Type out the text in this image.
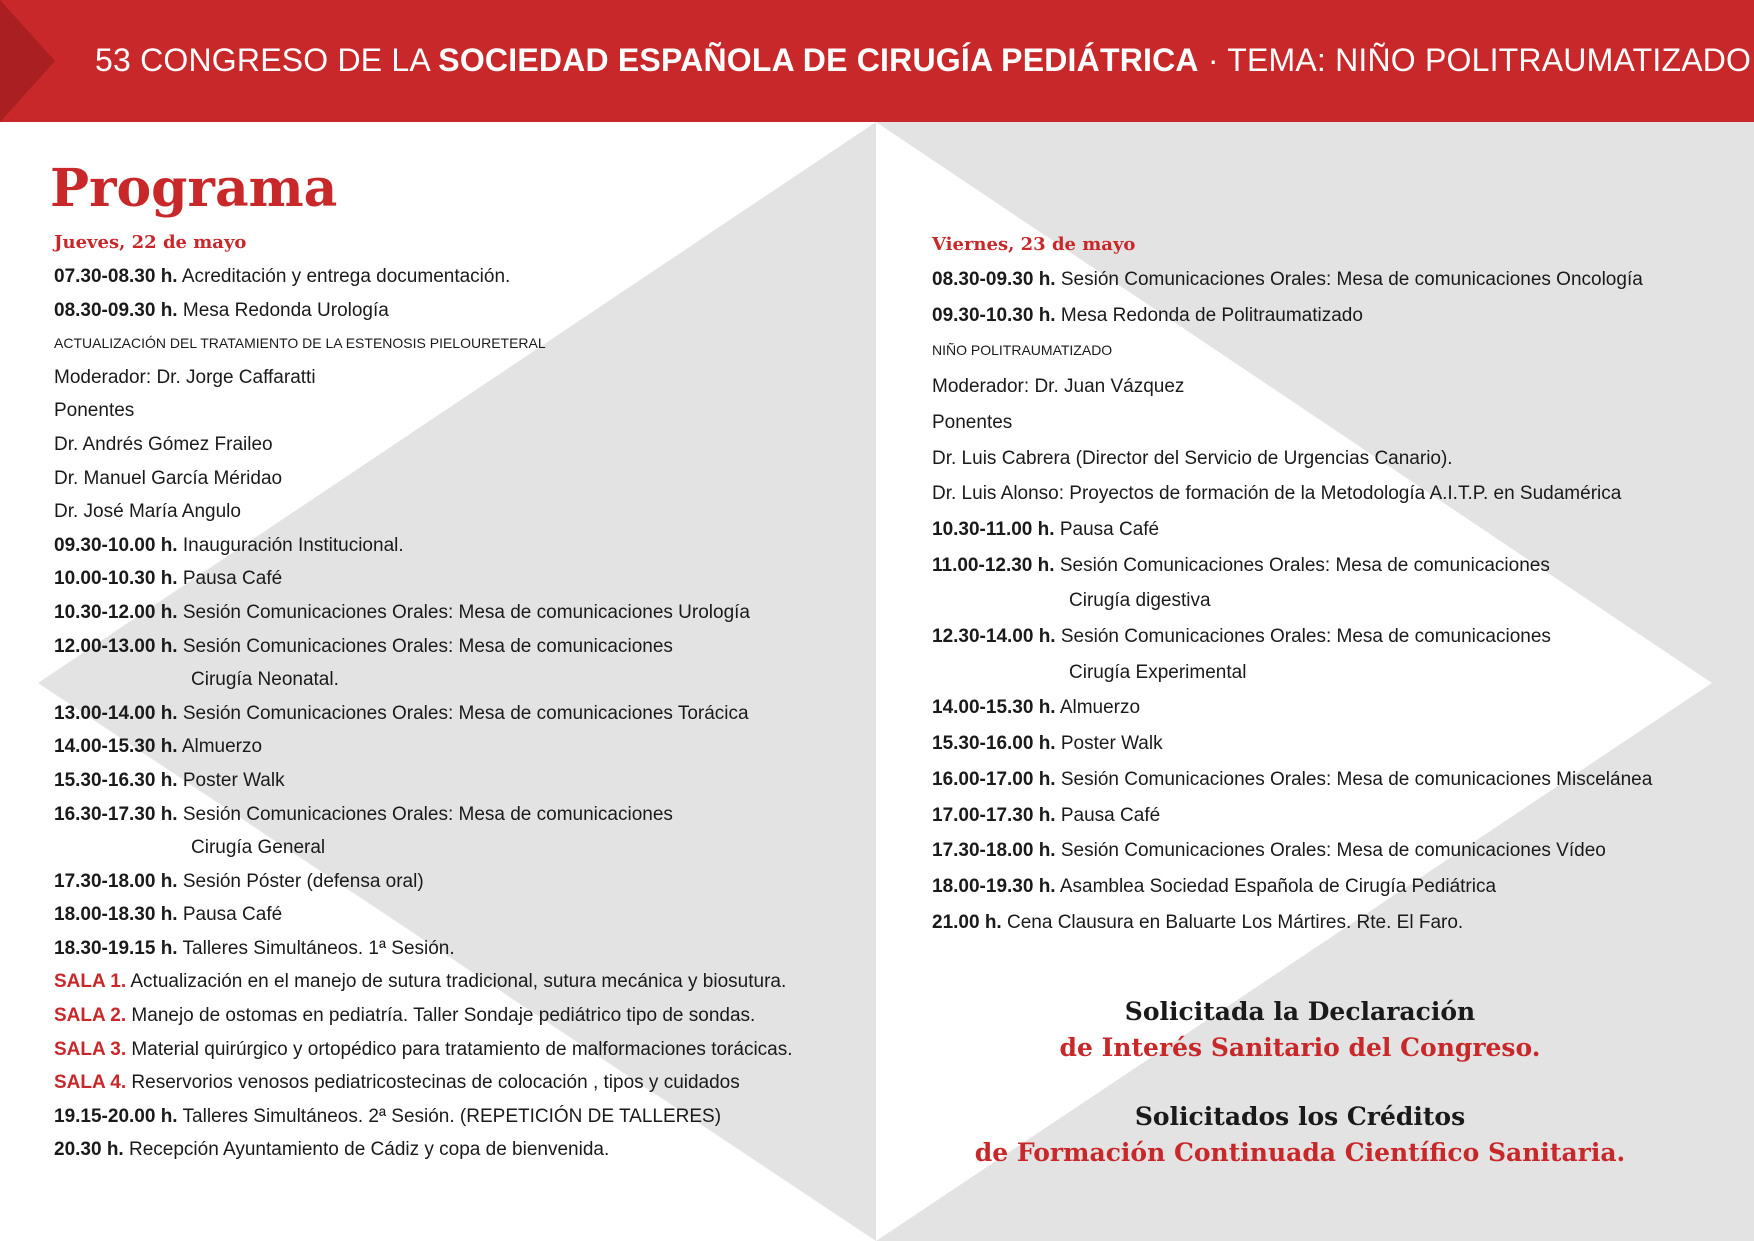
53 CONGRESO DE LA SOCIEDAD ESPAÑOLA DE CIRUGÍA PEDIÁTRICA · TEMA: NIÑO POLITRAUMATIZADO
Programa
Jueves, 22 de mayo
07.30-08.30 h. Acreditación y entrega documentación.
08.30-09.30 h. Mesa Redonda Urología
ACTUALIZACIÓN DEL TRATAMIENTO DE LA ESTENOSIS PIELOURETERAL
Moderador: Dr. Jorge Caffaratti
Ponentes
Dr. Andrés Gómez Fraileo
Dr. Manuel García Méridao
Dr. José María Angulo
09.30-10.00 h. Inauguración Institucional.
10.00-10.30 h. Pausa Café
10.30-12.00 h. Sesión Comunicaciones Orales: Mesa de comunicaciones Urología
12.00-13.00 h. Sesión Comunicaciones Orales: Mesa de comunicaciones
Cirugía Neonatal.
13.00-14.00 h. Sesión Comunicaciones Orales: Mesa de comunicaciones Torácica
14.00-15.30 h. Almuerzo
15.30-16.30 h. Poster Walk
16.30-17.30 h. Sesión Comunicaciones Orales: Mesa de comunicaciones
Cirugía General
17.30-18.00 h. Sesión Póster (defensa oral)
18.00-18.30 h. Pausa Café
18.30-19.15 h. Talleres Simultáneos. 1ª Sesión.
SALA 1. Actualización en el manejo de sutura tradicional, sutura mecánica y biosutura.
SALA 2. Manejo de ostomas en pediatría. Taller Sondaje pediátrico tipo de sondas.
SALA 3. Material quirúrgico y ortopédico para tratamiento de malformaciones torácicas.
SALA 4. Reservorios venosos pediatricostecinas de colocación , tipos y cuidados
19.15-20.00 h. Talleres Simultáneos. 2ª Sesión. (REPETICIÓN DE TALLERES)
20.30 h. Recepción Ayuntamiento de Cádiz y copa de bienvenida.
Viernes, 23 de mayo
08.30-09.30 h. Sesión Comunicaciones Orales: Mesa de comunicaciones Oncología
09.30-10.30 h. Mesa Redonda de Politraumatizado
NIÑO POLITRAUMATIZADO
Moderador: Dr. Juan Vázquez
Ponentes
Dr. Luis Cabrera (Director del Servicio de Urgencias Canario).
Dr. Luis Alonso: Proyectos de formación de la Metodología A.I.T.P. en Sudamérica
10.30-11.00 h. Pausa Café
11.00-12.30 h. Sesión Comunicaciones Orales: Mesa de comunicaciones
Cirugía digestiva
12.30-14.00 h. Sesión Comunicaciones Orales: Mesa de comunicaciones
Cirugía Experimental
14.00-15.30 h. Almuerzo
15.30-16.00 h. Poster Walk
16.00-17.00 h. Sesión Comunicaciones Orales: Mesa de comunicaciones Miscelánea
17.00-17.30 h. Pausa Café
17.30-18.00 h. Sesión Comunicaciones Orales: Mesa de comunicaciones Vídeo
18.00-19.30 h. Asamblea Sociedad Española de Cirugía Pediátrica
21.00 h. Cena Clausura en Baluarte Los Mártires. Rte. El Faro.
Solicitada la Declaración
de Interés Sanitario del Congreso.
Solicitados los Créditos
de Formación Continuada Científico Sanitaria.
